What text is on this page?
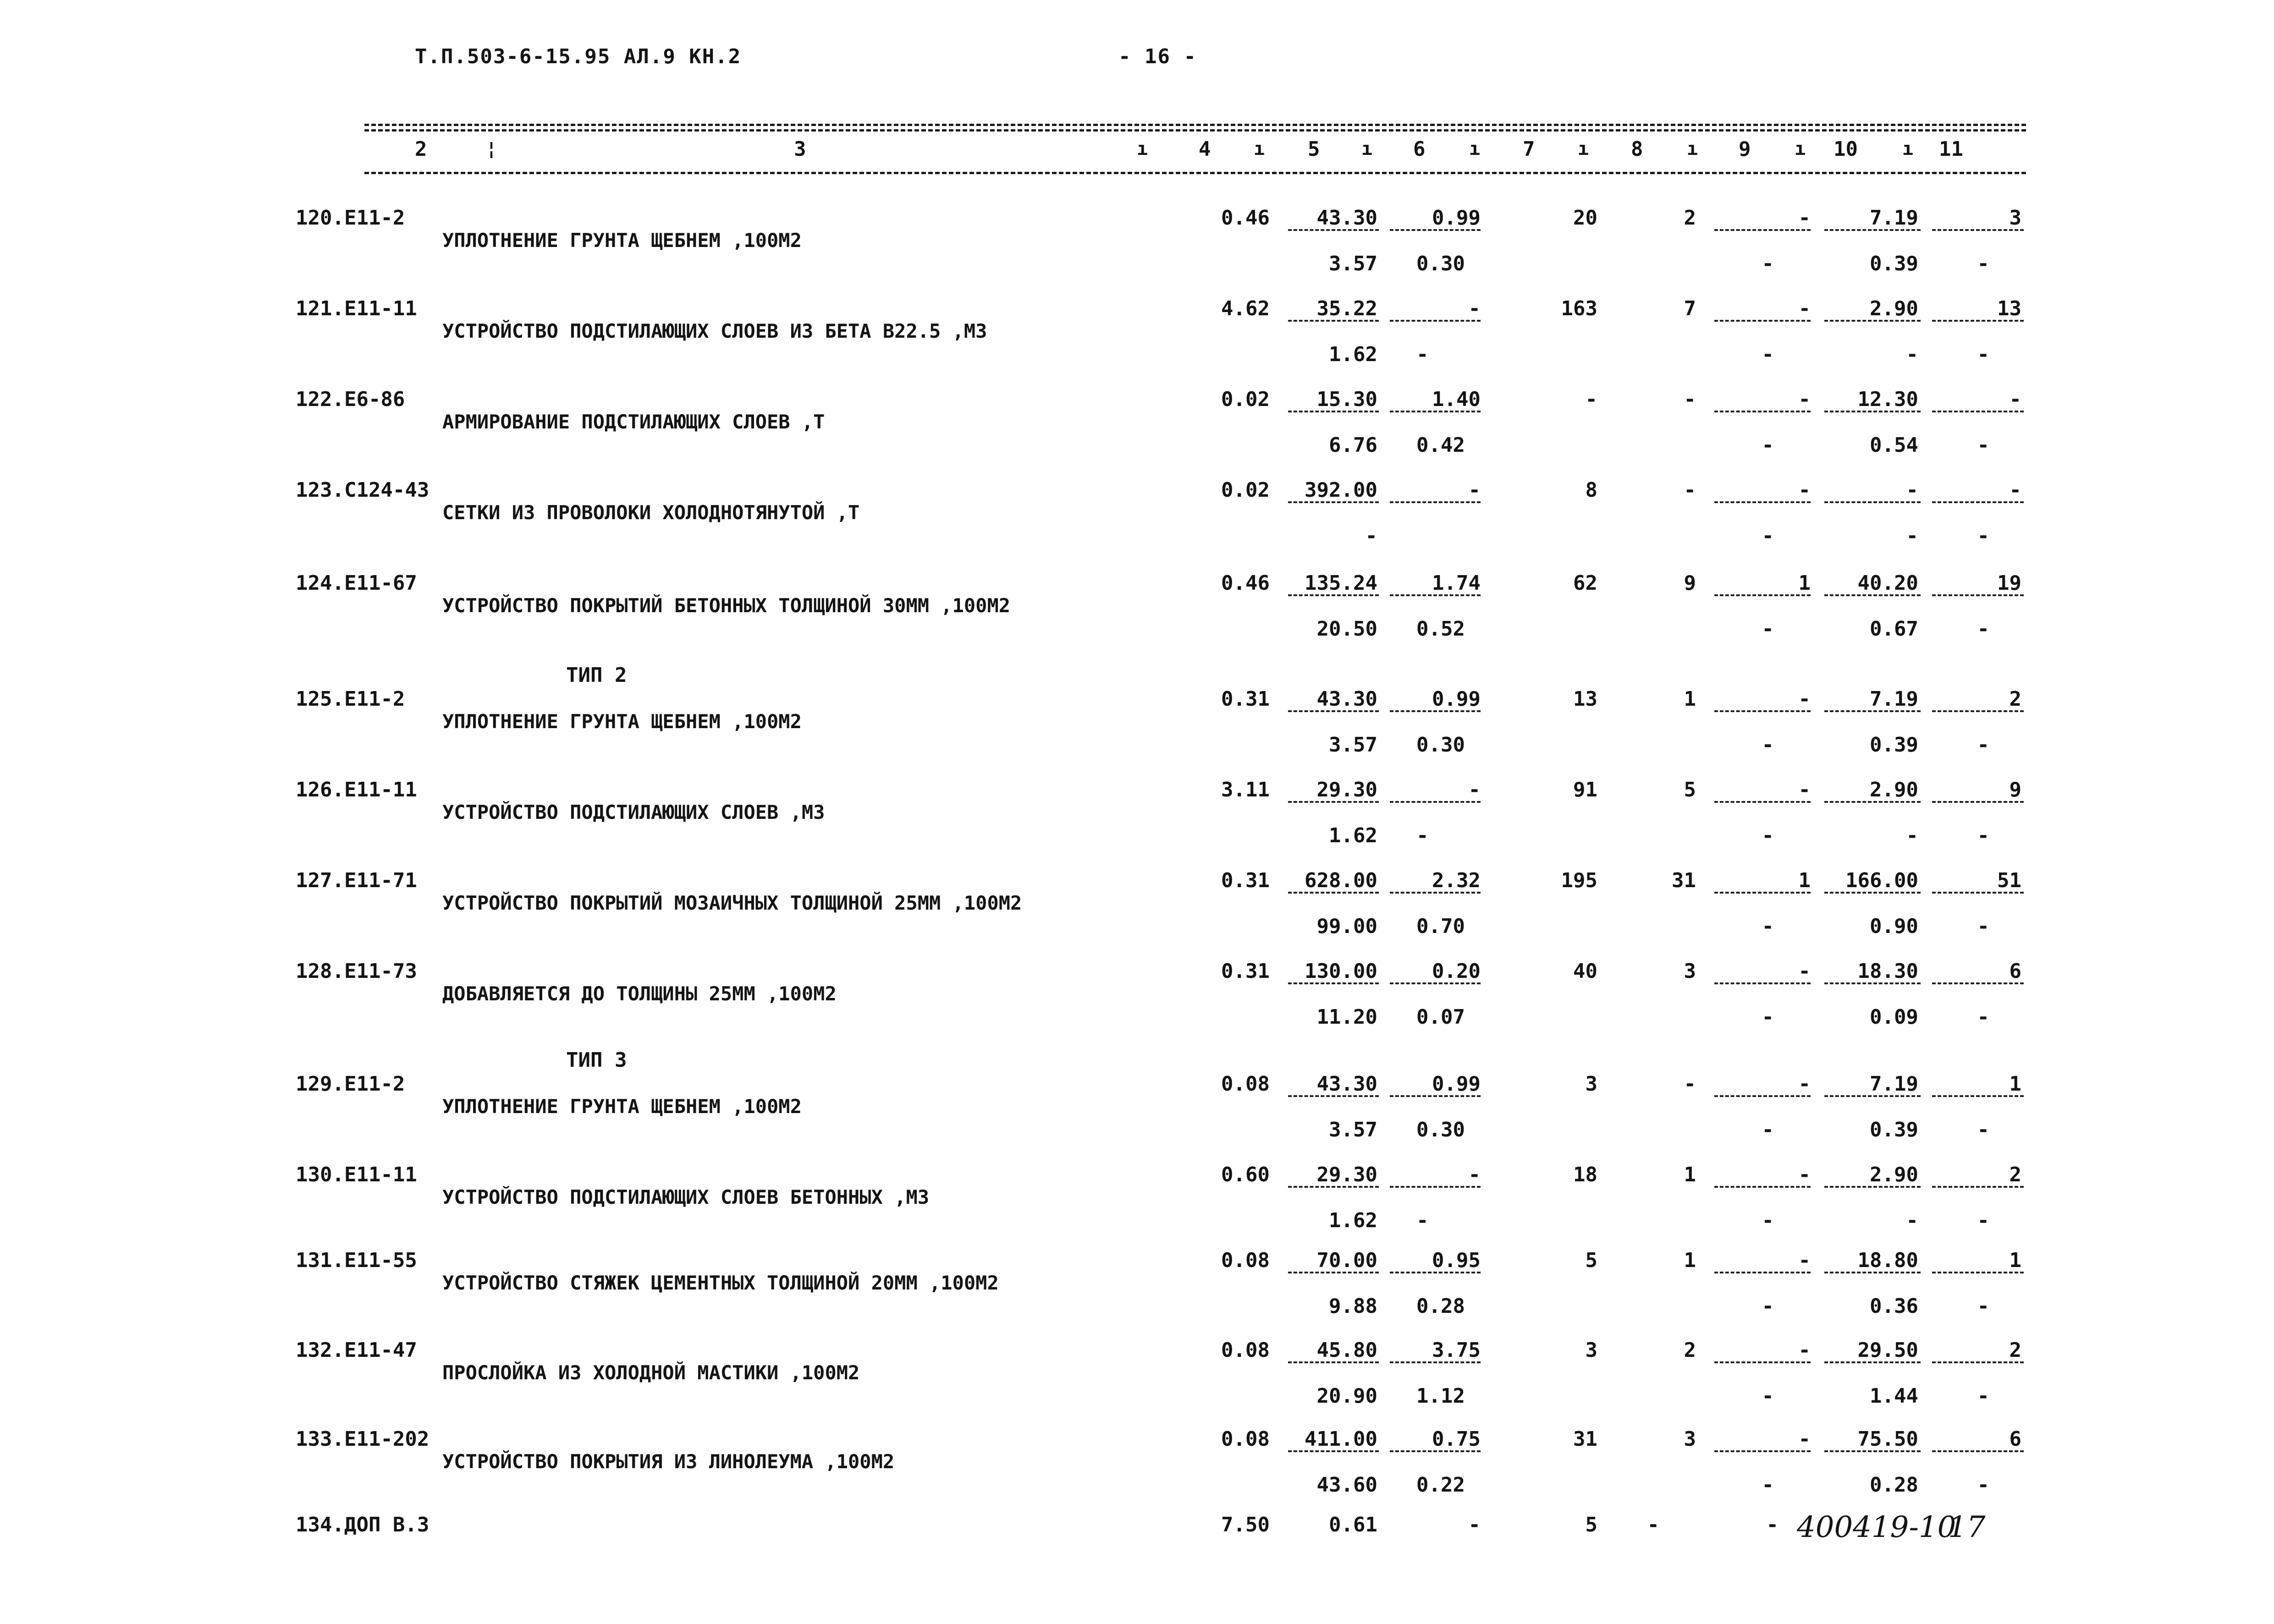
Т.П.503-6-15.95 АЛ.9 КН.2	- 16 -
2	¦	3	ı	4 ı 5 ı 6 ı 7 ı 8 ı 9 ı 10 ı 11
120.Е11-2
УПЛОТНЕНИЕ ГРУНТА ЩЕБНЕМ ,100М2
0.46	43.30	0.99	20	2	-	7.19	3
3.57 0.30	-	0.39	-
121.Е11-11
УСТРОЙСТВО ПОДСТИЛАЮЩИХ СЛОЕВ ИЗ БЕТА В22.5 ,М3
4.62	35.22	-	163	7	-	2.90	13
1.62 -	-	-	-
122.Е6-86
АРМИРОВАНИЕ ПОДСТИЛАЮЩИХ СЛОЕВ ,Т
0.02	15.30	1.40	-	-	-	12.30	-
6.76 0.42	-	0.54	-
123.С124-43
СЕТКИ ИЗ ПРОВОЛОКИ ХОЛОДНОТЯНУТОЙ ,Т
0.02 392.00	-	8	-	-	-	-
-	-	-	-
124.Е11-67
УСТРОЙСТВО ПОКРЫТИЙ БЕТОННЫХ ТОЛЩИНОЙ 30ММ ,100М2
0.46 135.24	1.74	62	9	1	40.20	19
20.50 0.52	-	0.67	-
ТИП 2
125.Е11-2
УПЛОТНЕНИЕ ГРУНТА ЩЕБНЕМ ,100М2
0.31	43.30	0.99	13	1	-	7.19	2
3.57 0.30	-	0.39	-
126.Е11-11
УСТРОЙСТВО ПОДСТИЛАЮЩИХ СЛОЕВ ,М3
3.11	29.30	-	91	5	-	2.90	9
1.62 -	-	-	-
127.Е11-71
УСТРОЙСТВО ПОКРЫТИЙ МОЗАИЧНЫХ ТОЛЩИНОЙ 25ММ ,100М2
0.31 628.00	2.32	195	31	1 166.00	51
99.00 0.70	-	0.90	-
128.Е11-73
ДОБАВЛЯЕТСЯ ДО ТОЛЩИНЫ 25ММ ,100М2
0.31 130.00	0.20	40	3	-	18.30	6
11.20 0.07	-	0.09	-
ТИП 3
129.Е11-2
УПЛОТНЕНИЕ ГРУНТА ЩЕБНЕМ ,100М2
0.08	43.30	0.99	3	-	-	7.19	1
3.57 0.30	-	0.39	-
130.Е11-11
УСТРОЙСТВО ПОДСТИЛАЮЩИХ СЛОЕВ БЕТОННЫХ ,М3
0.60	29.30	-	18	1	-	2.90	2
1.62 -	-	-	-
131.Е11-55
УСТРОЙСТВО СТЯЖЕК ЦЕМЕНТНЫХ ТОЛЩИНОЙ 20ММ ,100М2
0.08	70.00	0.95	5	1	-	18.80	1
9.88 0.28	-	0.36	-
132.Е11-47
ПРОСЛОЙКА ИЗ ХОЛОДНОЙ МАСТИКИ ,100М2
0.08	45.80	3.75	3	2	-	29.50	2
20.90 1.12	-	1.44	-
133.Е11-202
УСТРОЙСТВО ПОКРЫТИЯ ИЗ ЛИНОЛЕУМА ,100М2
0.08 411.00	0.75	31	3	-	75.50	6
43.60 0.22	-	0.28	-
134.ДОП В.3	7.50	0.61	-	5	-	- 400419-10
17
